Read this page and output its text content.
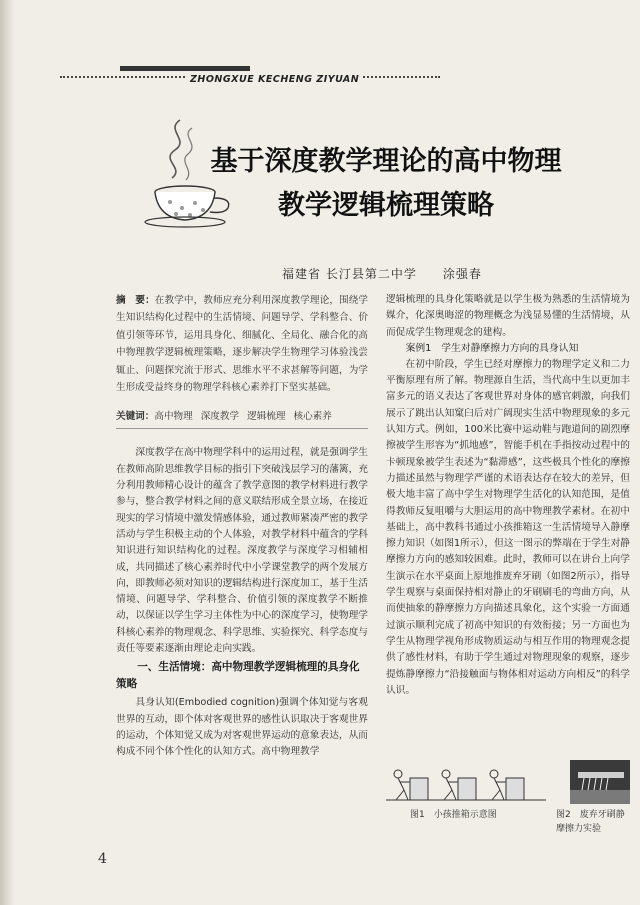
ZHONGXUE KECHENG ZIYUAN
基于深度教学理论的高中物理
教学逻辑梳理策略
福建省 长汀县第二中学 涂强春

摘　要：在教学中，教师应充分利用深度教学理论，围绕学生知识结构化过程中的生活情境、问题导学、学科整合、价值引领等环节，运用具身化、细腻化、全局化、融合化的高中物理教学逻辑梳理策略，逐步解决学生物理学习体验浅尝辄止、问题探究流于形式、思维水平不求甚解等问题，为学生形成受益终身的物理学科核心素养打下坚实基础。

关键词：高中物理 深度教学 逻辑梳理 核心素养

深度教学在高中物理学科中的运用过程，就是强调学生在教师高阶思维教学目标的指引下突破浅层学习的藩篱，充分利用教师精心设计的蕴含了教学意图的教学材料进行教学参与，整合教学材料之间的意义联结形成全景立场，在接近现实的学习情境中激发情感体验，通过教师紧凑严密的教学活动与学生积极主动的个人体验，对教学材料中蕴含的学科知识进行知识结构化的过程。深度教学与深度学习相辅相成，共同描述了核心素养时代中小学课堂教学的两个发展方向，即教师必须对知识的逻辑结构进行深度加工，基于生活情境、问题导学、学科整合、价值引领的深度教学不断推动，以保证以学生学习主体性为中心的深度学习，使物理学科核心素养的物理观念、科学思维、实验探究、科学态度与责任等要素逐渐由理论走向实践。

一、生活情境：高中物理教学逻辑梳理的具身化策略

具身认知(Embodied cognition)强调个体知觉与客观世界的互动，即个体对客观世界的感性认识取决于客观世界的运动，个体知觉又成为对客观世界运动的意象表达，从而构成不同个体个性化的认知方式。高中物理教学

逻辑梳理的具身化策略就是以学生极为熟悉的生活情境为媒介，化深奥晦涩的物理概念为浅显易懂的生活情境，从而促成学生物理观念的建构。

案例1　学生对静摩擦力方向的具身认知

在初中阶段，学生已经对摩擦力的物理学定义和二力平衡原理有所了解。物理源自生活，当代高中生以更加丰富多元的语义表达了客观世界对身体的感官刺激，向我们展示了跳出认知窠臼后对广阔现实生活中物理现象的多元认知方式。例如，100米比赛中运动鞋与跑道间的剧烈摩擦被学生形容为“抓地感”，智能手机在手指按动过程中的卡顿现象被学生表述为“黏滞感”，这些极具个性化的摩擦力描述虽然与物理学严谨的术语表达存在较大的差异，但极大地丰富了高中学生对物理学生活化的认知范围，是值得教师反复咀嚼与大胆运用的高中物理教学素材。在初中基础上，高中教科书通过小孩推箱这一生活情境导入静摩擦力知识（如图1所示），但这一图示的弊端在于学生对静摩擦力方向的感知较困难。此时，教师可以在讲台上向学生演示在水平桌面上原地推废弃牙刷（如图2所示），指导学生观察与桌面保持相对静止的牙刷刷毛的弯曲方向，从而使抽象的静摩擦力方向描述具象化，这个实验一方面通过演示顺利完成了初高中知识的有效衔接；另一方面也为学生从物理学视角形成物质运动与相互作用的物理观念提供了感性材料，有助于学生通过对物理现象的观察，逐步提炼静摩擦力“沿接触面与物体相对运动方向相反”的科学认识。

图1　小孩推箱示意图	图2　废弃牙刷静
摩擦力实验
4
